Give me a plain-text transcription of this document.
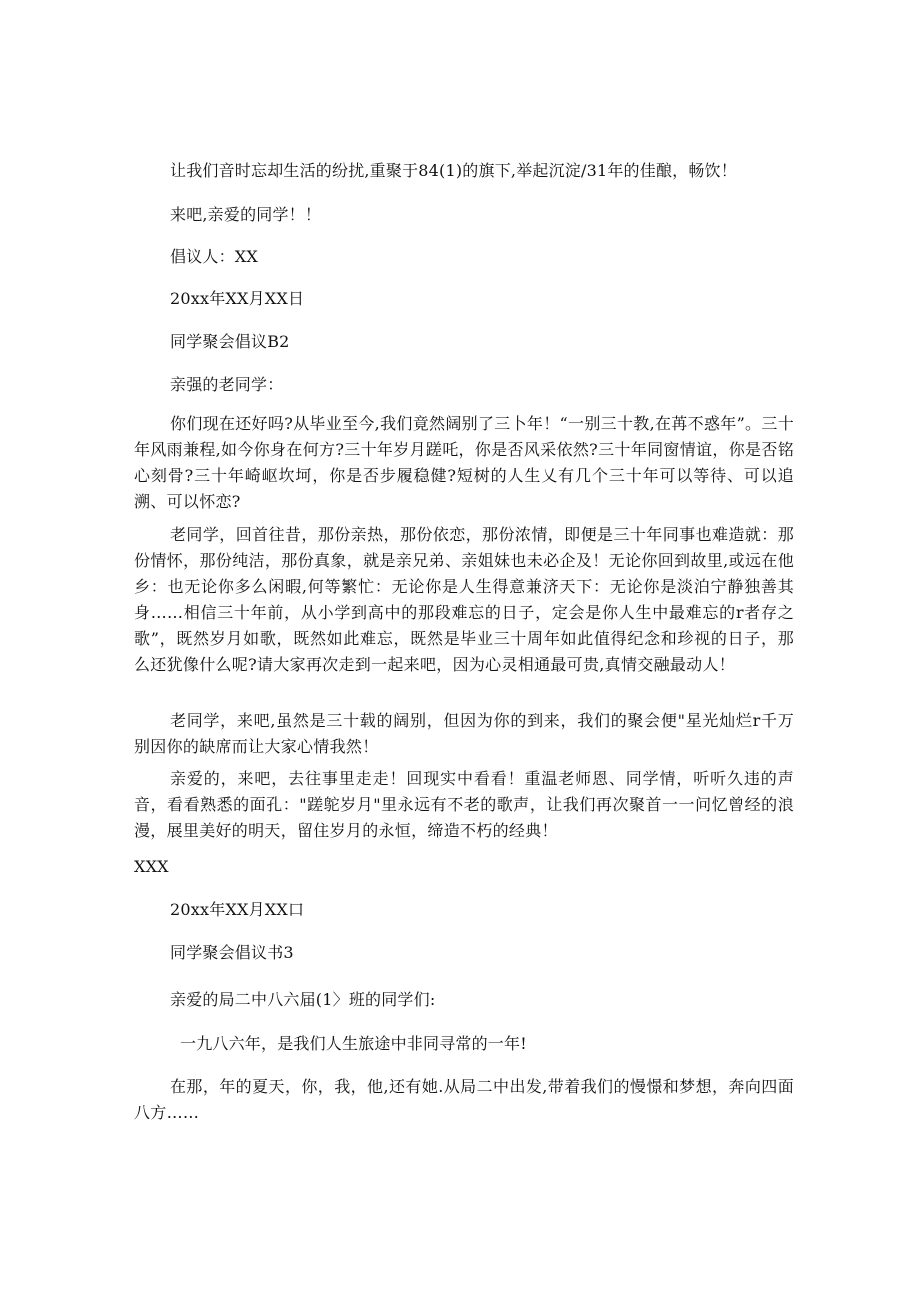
让我们音时忘却生活的纷扰,重聚于84(1)的旗下,举起沉淀/31年的佳酿，畅饮！
来吧,亲爱的同学！！
倡议人：XX
20xx年XX月XX日
同学聚会倡议B2
亲强的老同学：
你们现在还好吗?从毕业至今,我们竟然阔别了三卜年！“一别三十教,在苒不惑年”。三十年风雨兼程,如今你身在何方?三十年岁月蹉吒，你是否风采依然?三十年同窗情谊，你是否铭心刻骨?三十年崎岖坎坷，你是否步履稳健?短树的人生乂有几个三十年可以等待、可以追溯、可以怀恋?
老同学，回首往昔，那份亲热，那份依恋，那份浓情，即便是三十年同事也难造就：那份情怀，那份纯洁，那份真象，就是亲兄弟、亲姐妹也未必企及！无论你回到故里,或远在他乡：也无论你多么闲暇,何等繁忙：无论你是人生得意兼济天下：无论你是淡泊宁静独善其身……相信三十年前，从小学到高中的那段难忘的日子，定会是你人生中最难忘的r者存之歌”，既然岁月如歌，既然如此难忘，既然是毕业三十周年如此值得纪念和珍视的日子，那么还犹像什么呢?请大家再次走到一起来吧，因为心灵相通最可贵,真情交融最动人！
老同学，来吧,虽然是三十载的阔别，但因为你的到来，我们的聚会便"星光灿烂r千万别因你的缺席而让大家心情我然！
亲爱的，来吧，去往事里走走！回现实中看看！重温老师恩、同学情，听听久违的声音，看看熟悉的面孔："蹉鸵岁月"里永远有不老的歌声，让我们再次聚首一一问忆曾经的浪漫，展里美好的明天，留住岁月的永恒，缔造不朽的经典！
XXX
20xx年XX月XX口
同学聚会倡议书3
亲爱的局二中八六届(1〉班的同学们:
一九八六年，是我们人生旅途中非同寻常的一年!
在那，年的夏天，你，我，他,还有她.从局二中出发,带着我们的慢憬和梦想，奔向四面八方……
